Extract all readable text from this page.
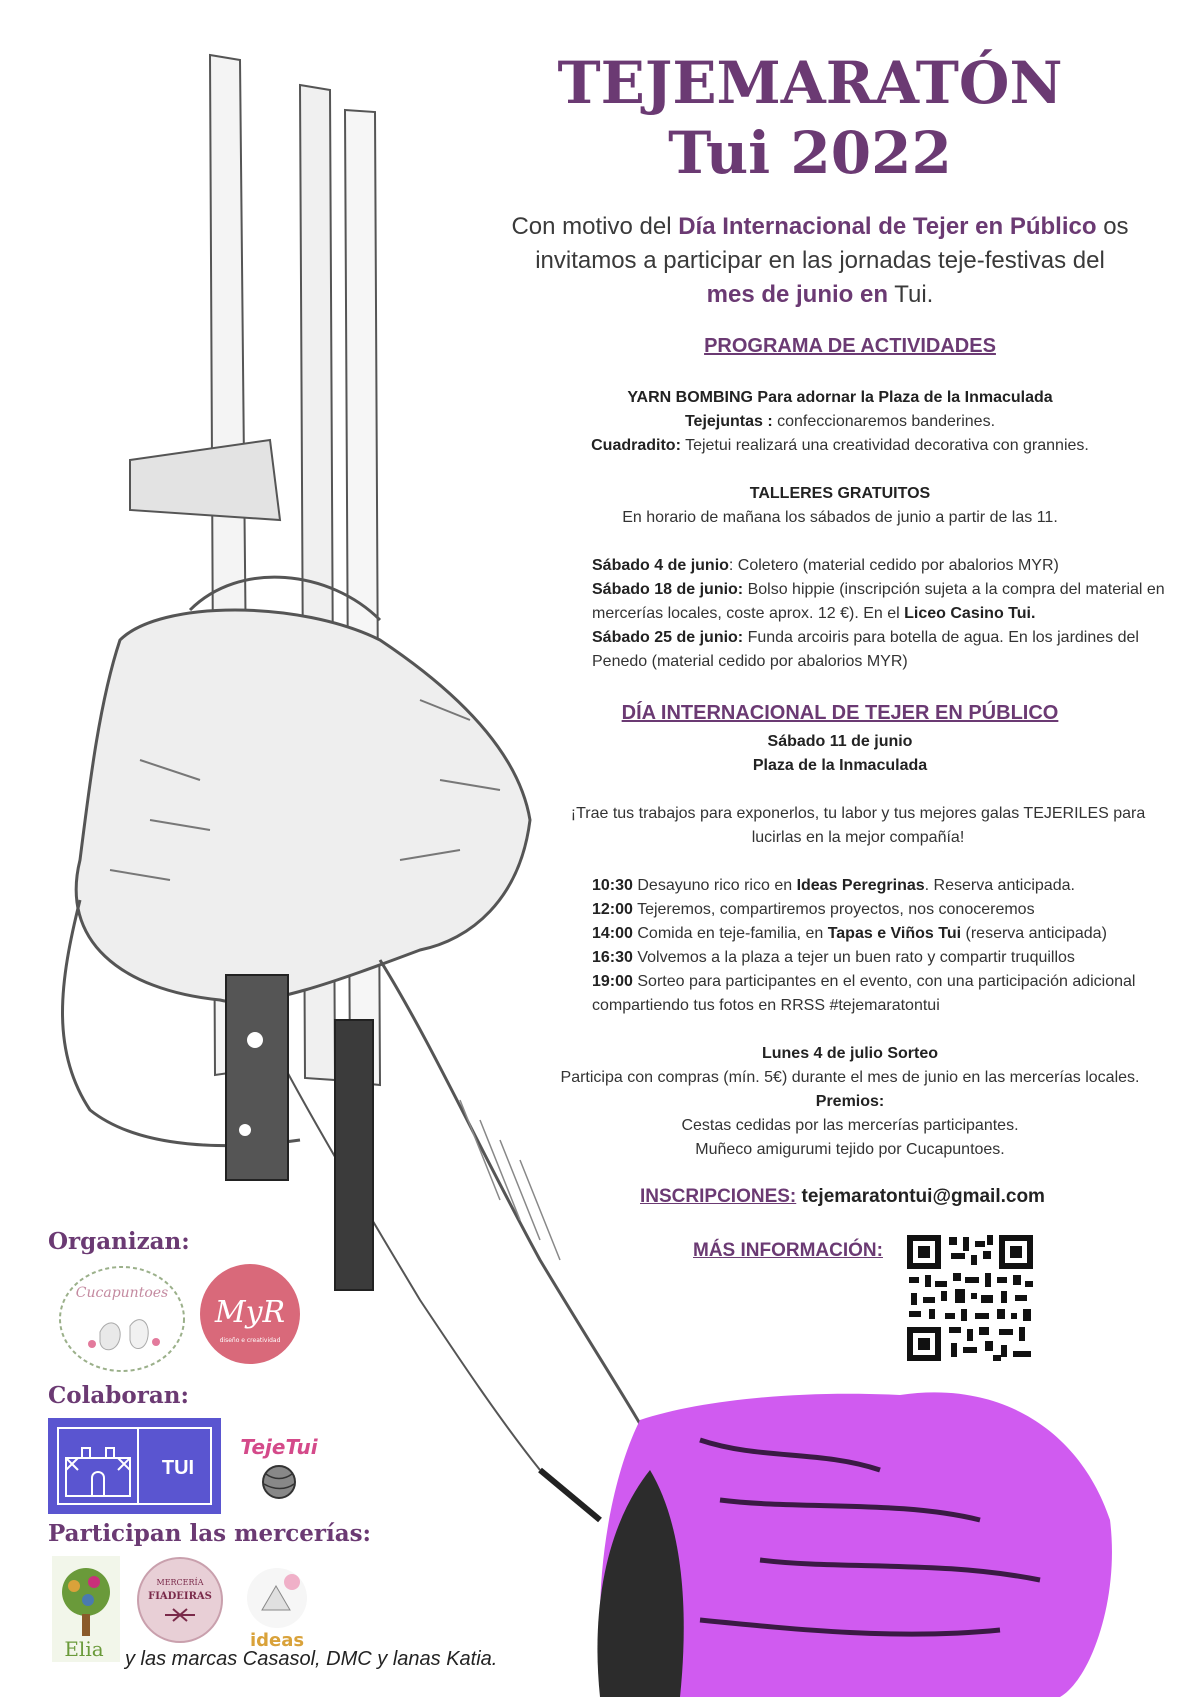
TEJEMARATÓN
Tui 2022
Con motivo del Día Internacional de Tejer en Público os invitamos a participar en las jornadas teje-festivas del mes de junio en Tui.
PROGRAMA DE ACTIVIDADES
YARN BOMBING Para adornar la Plaza de la Inmaculada
Tejejuntas : confeccionaremos banderines.
Cuadradito: Tejetui realizará una creatividad decorativa con grannies.
TALLERES GRATUITOS
En horario de mañana los sábados de junio a partir de las 11.
Sábado 4 de junio: Coletero (material cedido por abalorios MYR)
Sábado 18 de junio: Bolso hippie (inscripción sujeta a la compra del material en mercerías locales, coste aprox. 12 €). En el Liceo Casino Tui.
Sábado 25 de junio: Funda arcoiris para botella de agua. En los jardines del Penedo (material cedido por abalorios MYR)
DÍA INTERNACIONAL DE TEJER EN PÚBLICO
Sábado 11 de junio
Plaza de la Inmaculada
¡Trae tus trabajos para exponerlos, tu labor y tus mejores galas TEJERILES para lucirlas en la mejor compañía!
10:30 Desayuno rico rico en Ideas Peregrinas. Reserva anticipada.
12:00 Tejeremos, compartiremos proyectos, nos conoceremos
14:00 Comida en teje-familia, en Tapas e Viños Tui (reserva anticipada)
16:30 Volvemos a la plaza a tejer un buen rato y compartir truquillos
19:00 Sorteo para participantes en el evento, con una participación adicional compartiendo tus fotos en RRSS #tejemaratontui
Lunes 4 de julio Sorteo
Participa con compras (mín. 5€) durante el mes de junio en las mercerías locales.
Premios:
Cestas cedidas por las mercerías participantes.
Muñeco amigurumi tejido por Cucapuntoes.
INSCRIPCIONES: tejemaratontui@gmail.com
MÁS INFORMACIÓN:
Organizan:
Cucapuntoes
MyR
diseño e creatividad
Colaboran:
TUI
TejeTui
Participan las mercerías:
Elia
MERCERÍA
FIADEIRAS
ideas
y las marcas Casasol, DMC y lanas Katia.
